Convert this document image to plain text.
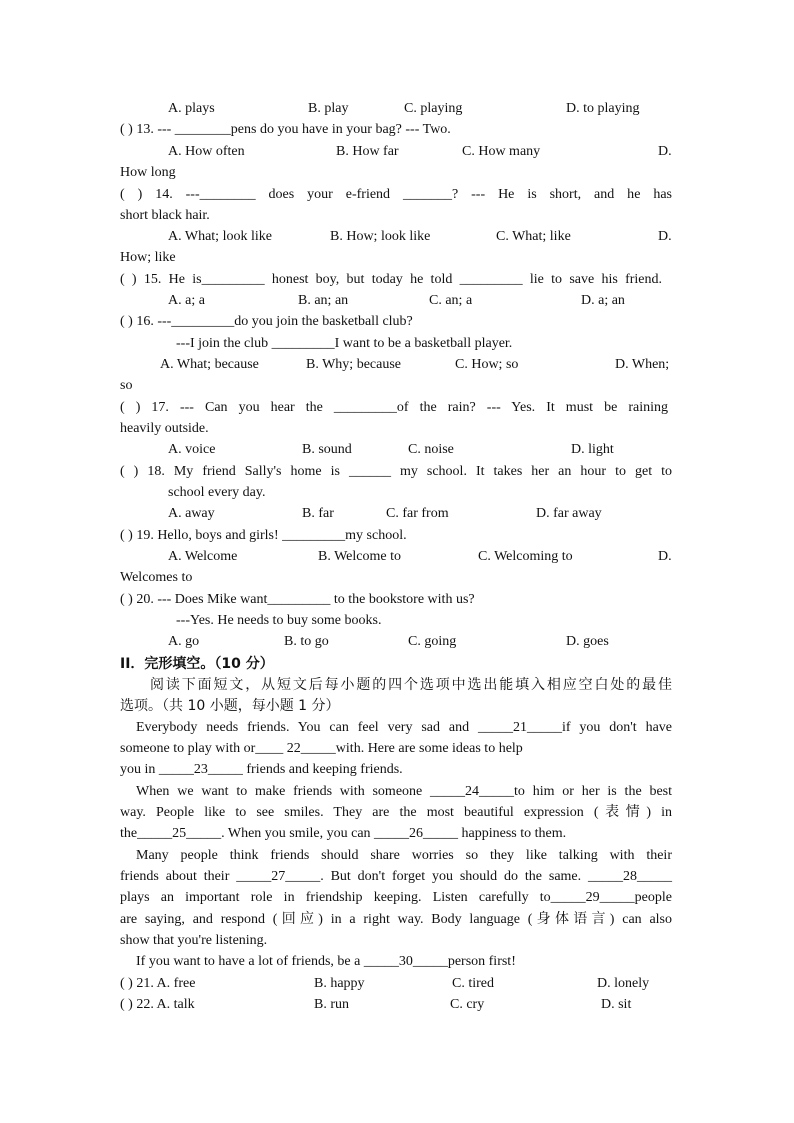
A. plays	B. play	C. playing	D. to playing
( ) 13. --- ________pens do you have in your bag? --- Two.
A. How often	B. How far	C. How many	D.
How long
( ) 14. ---________ does your e-friend _______? --- He is short, and he has
short black hair.
A. What; look like	B. How; look like	C. What; like	D.
How; like
( ) 15. He is_________ honest boy, but today he told _________ lie to save his friend.
A. a; a	B. an; an	C. an; a	D. a; an
( ) 16. ---_________do you join the basketball club?
---I join the club _________I want to be a basketball player.
A. What; because	B. Why; because	C. How; so	D. When;
so
( ) 17. --- Can you hear the _________of the rain? --- Yes. It must be raining
heavily outside.
A. voice	B. sound	C. noise	D. light
( ) 18. My friend Sally's home is ______ my school. It takes her an hour to get to
school every day.
A. away	B. far	C. far from	D. far away
( ) 19. Hello, boys and girls! _________my school.
A. Welcome	B. Welcome to	C. Welcoming to	D.
Welcomes to
( ) 20. --- Does Mike want_________ to the bookstore with us?
---Yes. He needs to buy some books.
A. go	B. to go	C. going	D. goes
II．完形填空。（10 分）
阅读下面短文，从短文后每小题的四个选项中选出能填入相应空白处的最佳
选项。（共 10 小题，每小题 1 分）
Everybody needs friends. You can feel very sad and _____21_____if you don't have
someone to play with or____ 22_____with. Here are some ideas to help
you in _____23_____ friends and keeping friends.
When we want to make friends with someone _____24_____to him or her is the best
way. People like to see smiles. They are the most beautiful expression (表情) in
the_____25_____. When you smile, you can _____26_____ happiness to them.
Many people think friends should share worries so they like talking with their
friends about their _____27_____. But don't forget you should do the same. _____28_____
plays an important role in friendship keeping. Listen carefully to_____29_____people
are saying, and respond (回应) in a right way. Body language (身体语言) can also
show that you're listening.
If you want to have a lot of friends, be a _____30_____person first!
( ) 21. A. free	B. happy	C. tired	D. lonely
( ) 22. A. talk	B. run	C. cry	D. sit
